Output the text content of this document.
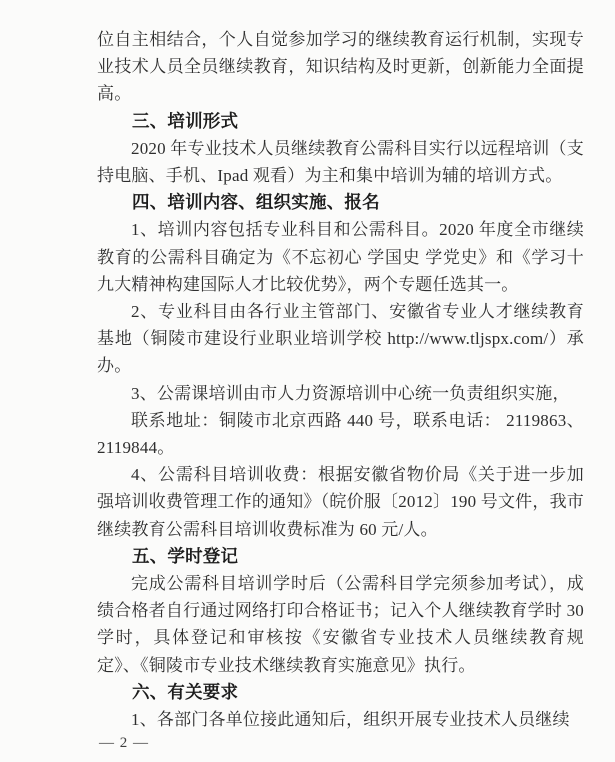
位自主相结合，个人自觉参加学习的继续教育运行机制，实现专业技术人员全员继续教育，知识结构及时更新，创新能力全面提高。

三、培训形式

2020 年专业技术人员继续教育公需科目实行以远程培训（支持电脑、手机、Ipad 观看）为主和集中培训为辅的培训方式。

四、培训内容、组织实施、报名

1、培训内容包括专业科目和公需科目。2020 年度全市继续教育的公需科目确定为《不忘初心 学国史 学党史》和《学习十九大精神构建国际人才比较优势》，两个专题任选其一。

2、专业科目由各行业主管部门、安徽省专业人才继续教育基地（铜陵市建设行业职业培训学校 http://www.tljspx.com/）承办。

3、公需课培训由市人力资源培训中心统一负责组织实施，

联系地址：铜陵市北京西路 440 号，联系电话： 2119863、2119844。

4、公需科目培训收费：根据安徽省物价局《关于进一步加强培训收费管理工作的通知》（皖价服〔2012〕190 号文件，我市继续教育公需科目培训收费标准为 60 元/人。

五、学时登记

完成公需科目培训学时后（公需科目学完须参加考试），成绩合格者自行通过网络打印合格证书；记入个人继续教育学时 30 学时，具体登记和审核按《安徽省专业技术人员继续教育规定》、《铜陵市专业技术继续教育实施意见》执行。

六、有关要求

1、各部门各单位接此通知后，组织开展专业技术人员继续

— 2 —
